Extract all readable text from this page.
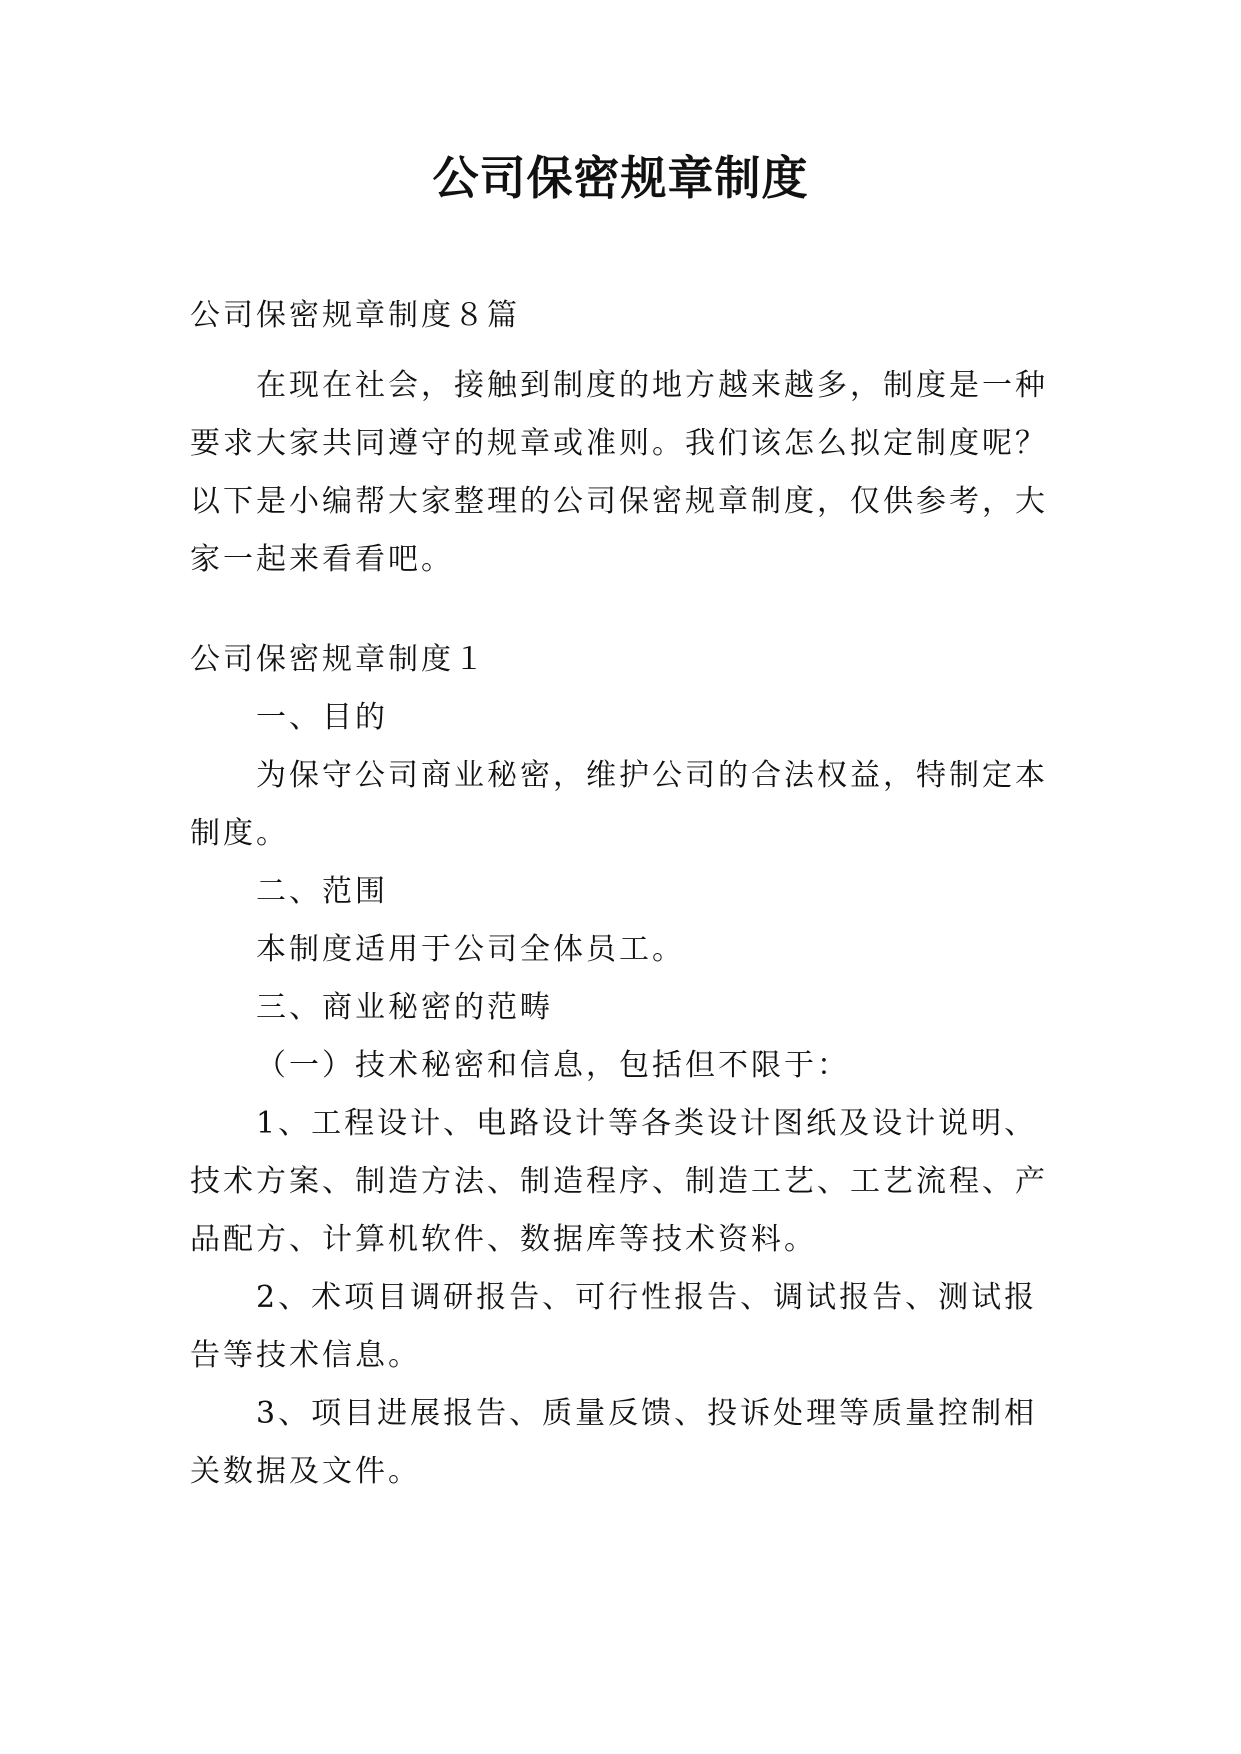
公司保密规章制度
公司保密规章制度８篇
在现在社会，接触到制度的地方越来越多，制度是一种
要求大家共同遵守的规章或准则。我们该怎么拟定制度呢？
以下是小编帮大家整理的公司保密规章制度，仅供参考，大
家一起来看看吧。
公司保密规章制度１
一、目的
为保守公司商业秘密，维护公司的合法权益，特制定本
制度。
二、范围
本制度适用于公司全体员工。
三、商业秘密的范畴
（一）技术秘密和信息，包括但不限于：
1、工程设计、电路设计等各类设计图纸及设计说明、
技术方案、制造方法、制造程序、制造工艺、工艺流程、产
品配方、计算机软件、数据库等技术资料。
2、术项目调研报告、可行性报告、调试报告、测试报
告等技术信息。
3、项目进展报告、质量反馈、投诉处理等质量控制相
关数据及文件。
